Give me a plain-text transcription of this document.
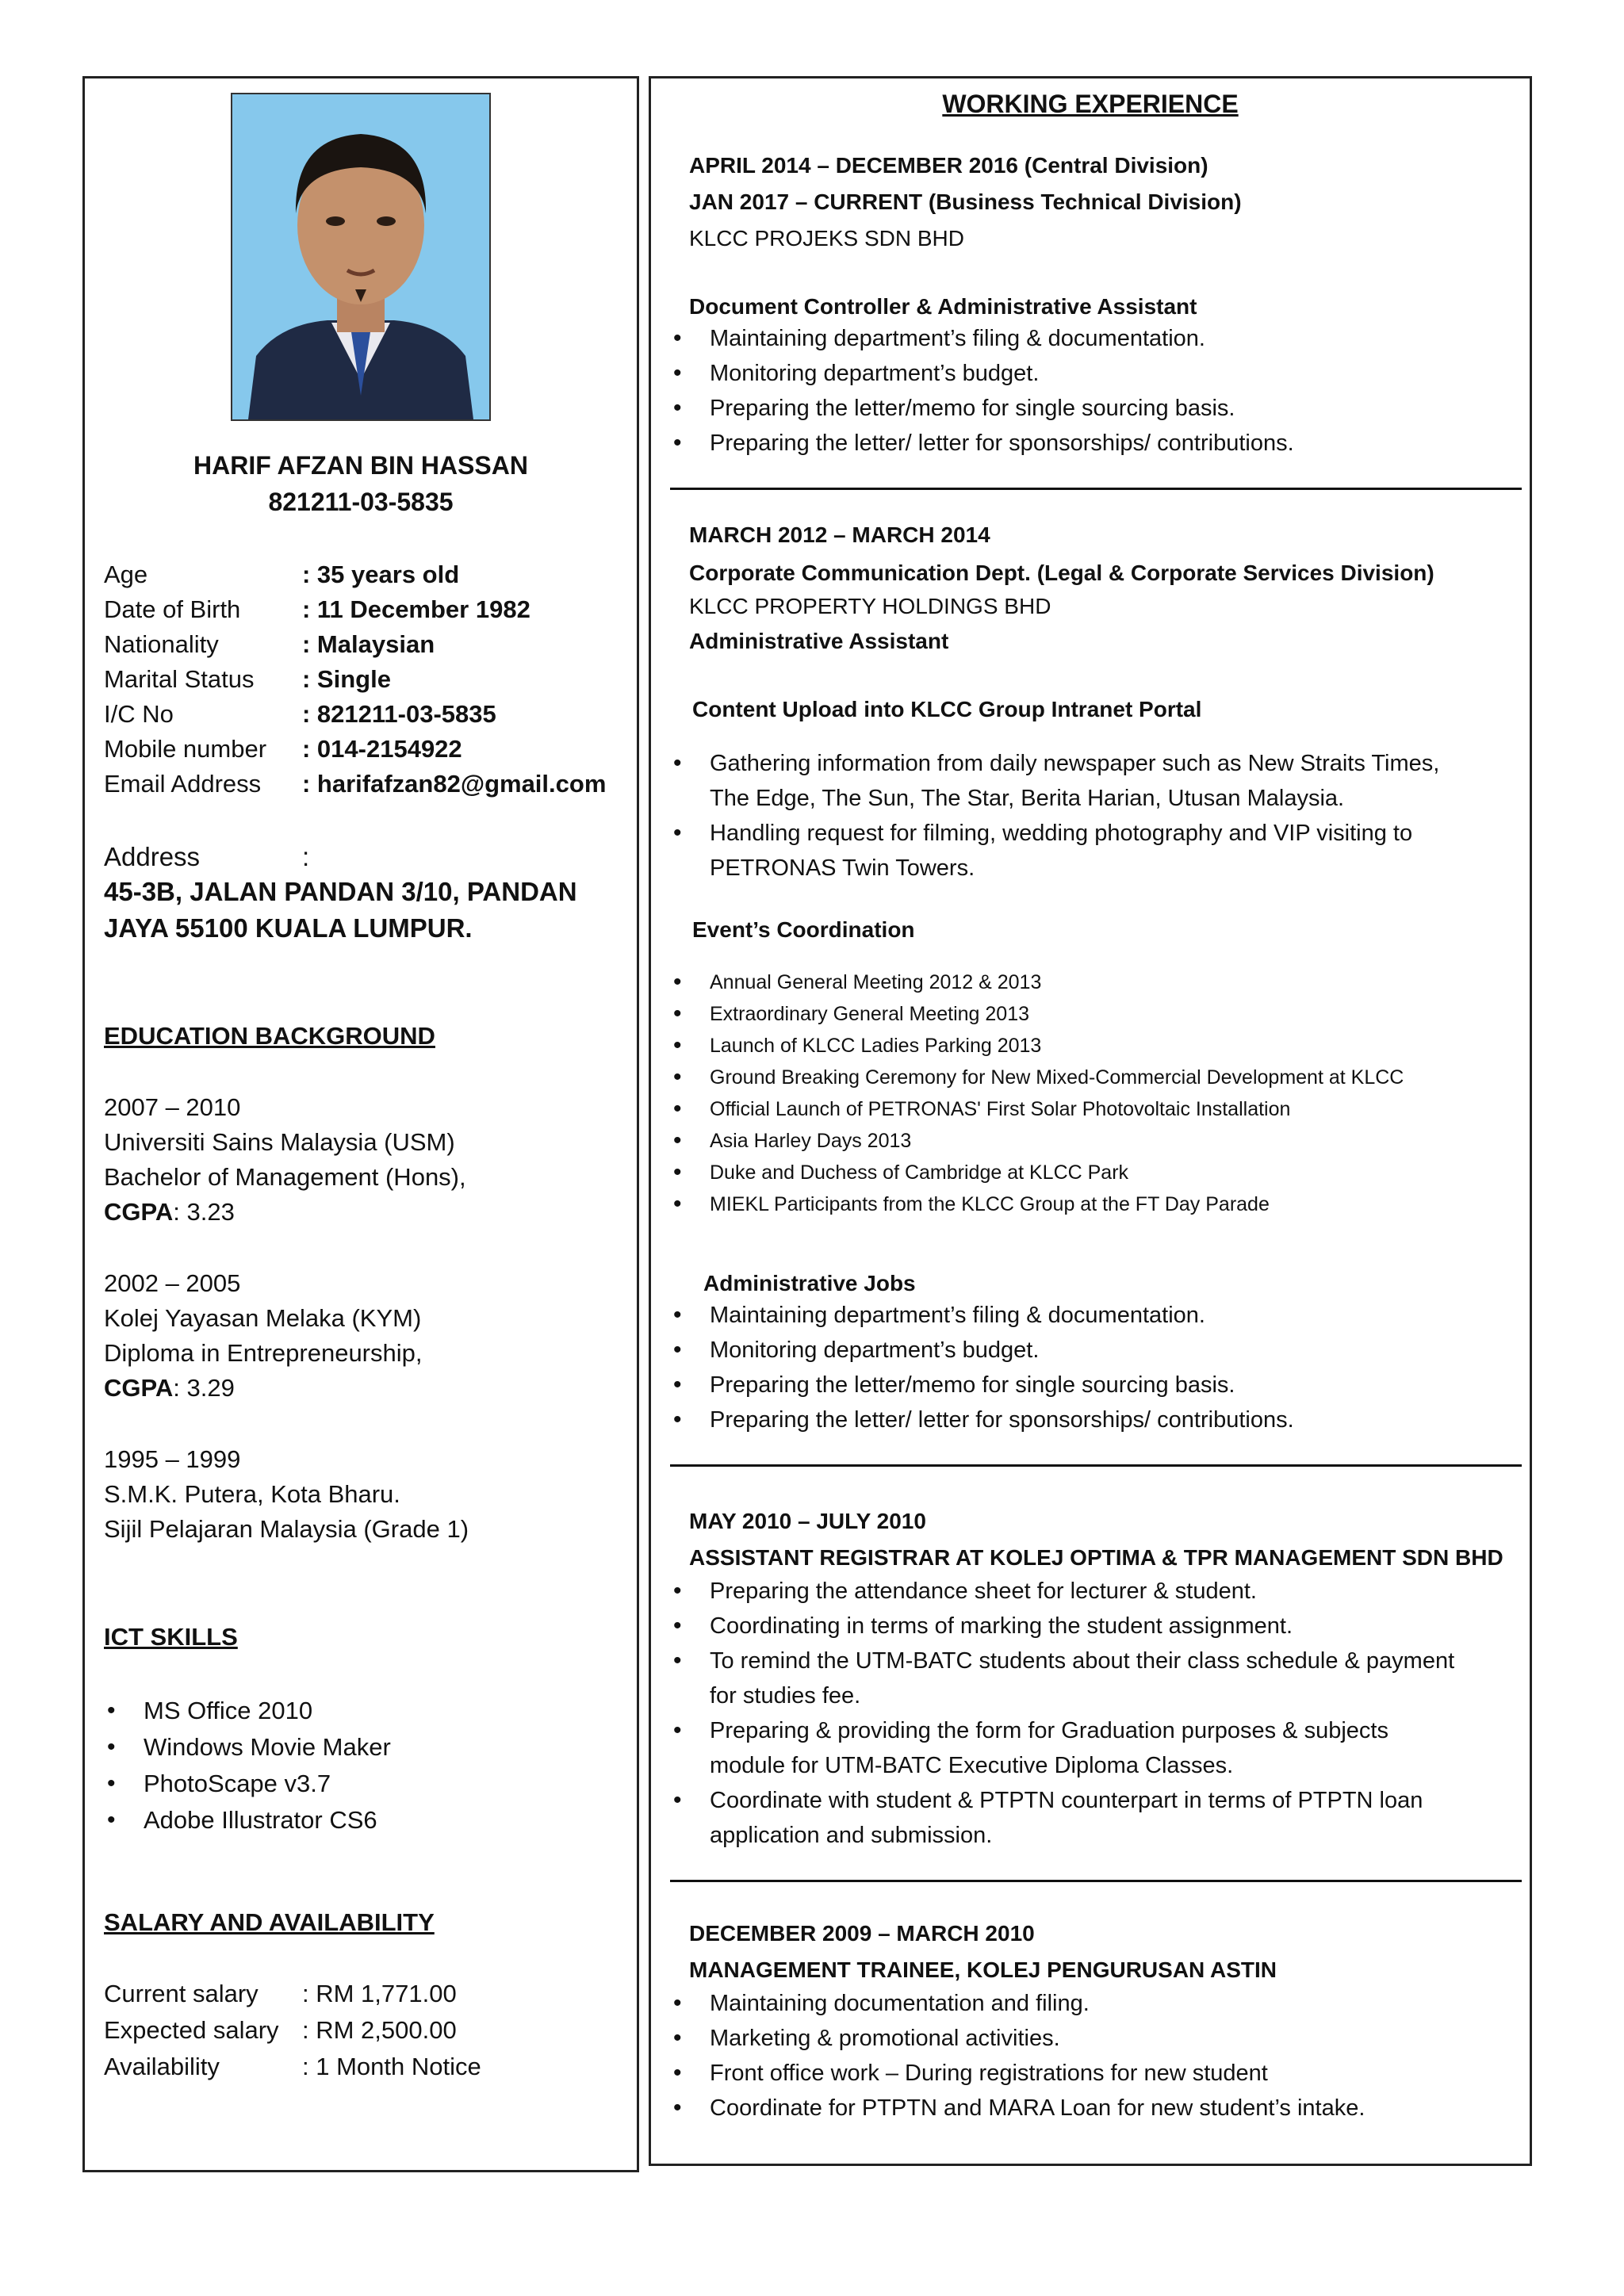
HARIF AFZAN BIN HASSAN
821211-03-5835
Age	: 35 years old
Date of Birth	: 11 December 1982
Nationality	: Malaysian
Marital Status	: Single
I/C No	: 821211-03-5835
Mobile number	: 014-2154922
Email Address	: harifafzan82@gmail.com
Address	:
45-3B, JALAN PANDAN 3/10, PANDAN
JAYA 55100 KUALA LUMPUR.
EDUCATION BACKGROUND
2007 – 2010
Universiti Sains Malaysia (USM)
Bachelor of Management (Hons),
CGPA: 3.23
2002 – 2005
Kolej Yayasan Melaka (KYM)
Diploma in Entrepreneurship,
CGPA: 3.29
1995 – 1999
S.M.K. Putera, Kota Bharu.
Sijil Pelajaran Malaysia (Grade 1)
ICT SKILLS
• MS Office 2010
• Windows Movie Maker
• PhotoScape v3.7
• Adobe Illustrator CS6
SALARY AND AVAILABILITY
Current salary	: RM 1,771.00
Expected salary : RM 2,500.00
Availability	: 1 Month Notice
WORKING EXPERIENCE
APRIL 2014 – DECEMBER 2016 (Central Division)
JAN 2017 – CURRENT (Business Technical Division)
KLCC PROJEKS SDN BHD
Document Controller & Administrative Assistant
• Maintaining department’s filing & documentation.
• Monitoring department’s budget.
• Preparing the letter/memo for single sourcing basis.
• Preparing the letter/ letter for sponsorships/ contributions.
MARCH 2012 – MARCH 2014
Corporate Communication Dept. (Legal & Corporate Services Division)
KLCC PROPERTY HOLDINGS BHD
Administrative Assistant
Content Upload into KLCC Group Intranet Portal
• Gathering information from daily newspaper such as New Straits Times,
The Edge, The Sun, The Star, Berita Harian, Utusan Malaysia.
• Handling request for filming, wedding photography and VIP visiting to
PETRONAS Twin Towers.
Event’s Coordination
• Annual General Meeting 2012 & 2013
• Extraordinary General Meeting 2013
• Launch of KLCC Ladies Parking 2013
• Ground Breaking Ceremony for New Mixed-Commercial Development at KLCC
• Official Launch of PETRONAS' First Solar Photovoltaic Installation
• Asia Harley Days 2013
• Duke and Duchess of Cambridge at KLCC Park
• MIEKL Participants from the KLCC Group at the FT Day Parade
Administrative Jobs
• Maintaining department’s filing & documentation.
• Monitoring department’s budget.
• Preparing the letter/memo for single sourcing basis.
• Preparing the letter/ letter for sponsorships/ contributions.
MAY 2010 – JULY 2010
ASSISTANT REGISTRAR AT KOLEJ OPTIMA & TPR MANAGEMENT SDN BHD
• Preparing the attendance sheet for lecturer & student.
• Coordinating in terms of marking the student assignment.
• To remind the UTM-BATC students about their class schedule & payment
for studies fee.
• Preparing & providing the form for Graduation purposes & subjects
module for UTM-BATC Executive Diploma Classes.
• Coordinate with student & PTPTN counterpart in terms of PTPTN loan
application and submission.
DECEMBER 2009 – MARCH 2010
MANAGEMENT TRAINEE, KOLEJ PENGURUSAN ASTIN
• Maintaining documentation and filing.
• Marketing & promotional activities.
• Front office work – During registrations for new student
• Coordinate for PTPTN and MARA Loan for new student’s intake.
